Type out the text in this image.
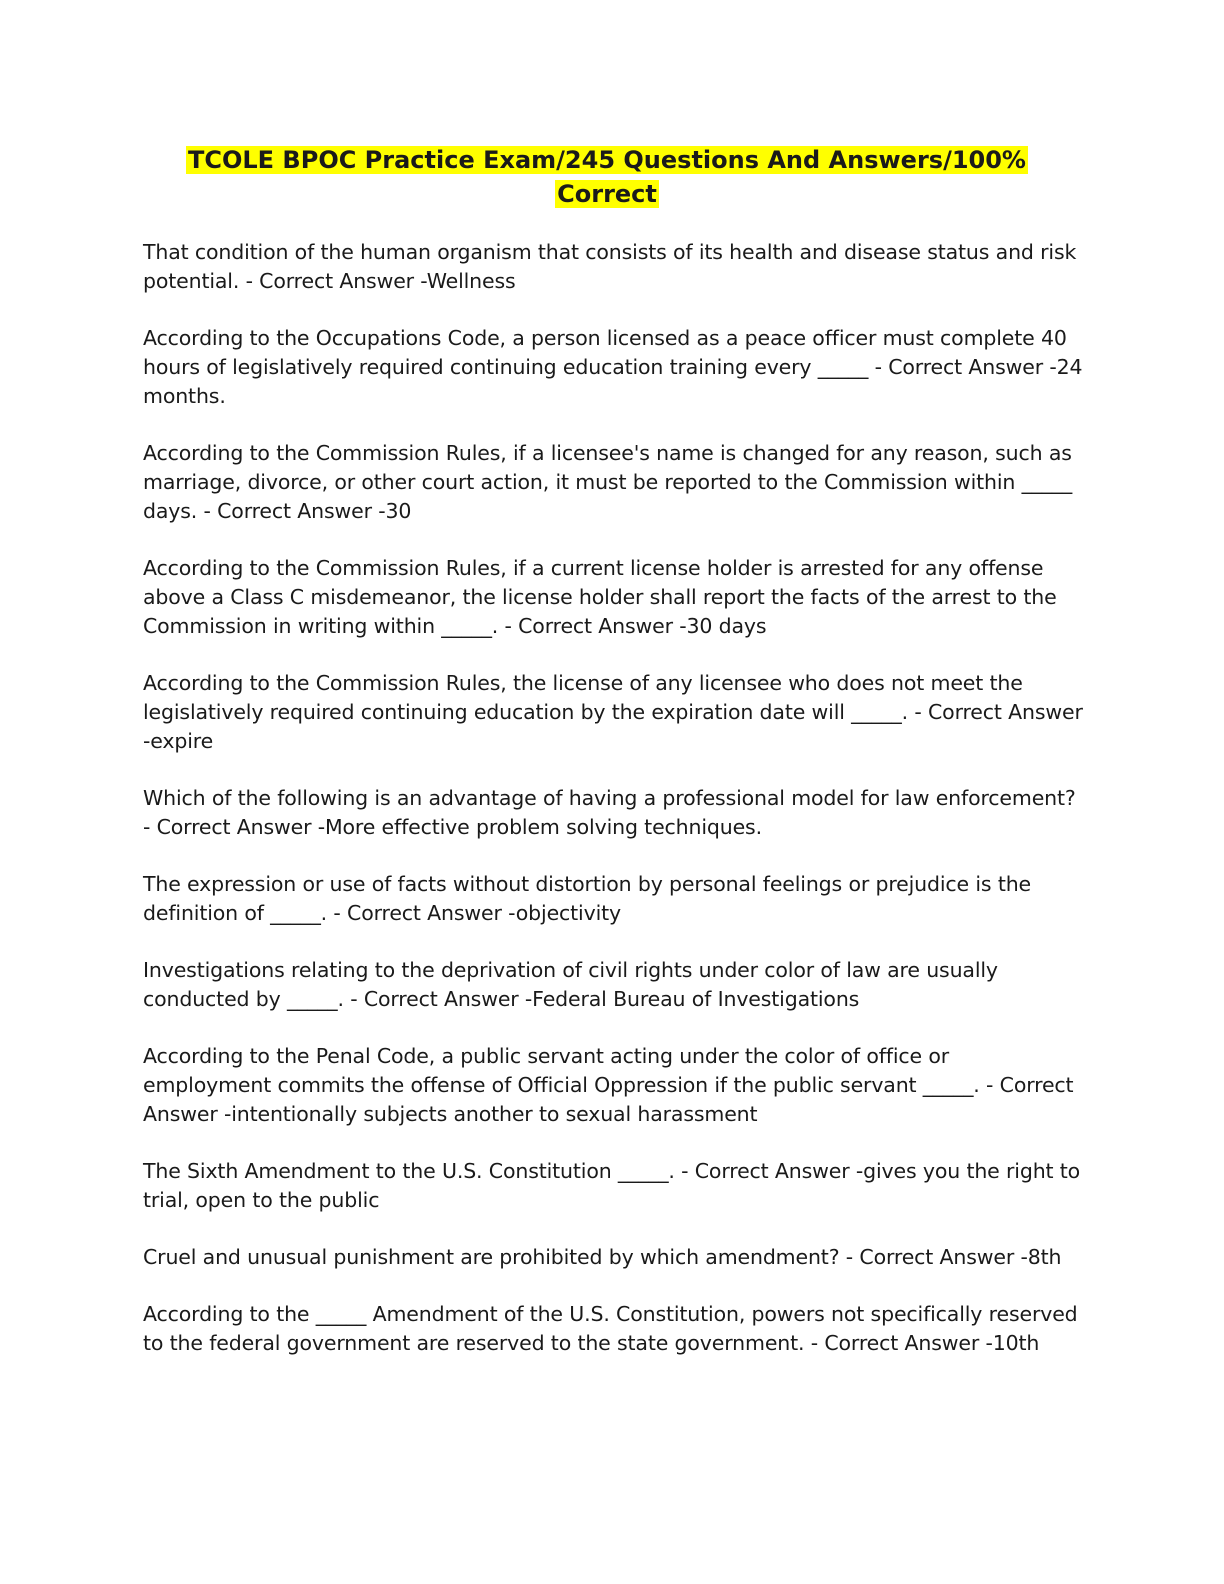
TCOLE BPOC Practice Exam/245 Questions And Answers/100%
Correct

That condition of the human organism that consists of its health and disease status and risk potential. - Correct Answer -Wellness

According to the Occupations Code, a person licensed as a peace officer must complete 40 hours of legislatively required continuing education training every _____ - Correct Answer -24 months.

According to the Commission Rules, if a licensee's name is changed for any reason, such as marriage, divorce, or other court action, it must be reported to the Commission within _____ days. - Correct Answer -30

According to the Commission Rules, if a current license holder is arrested for any offense above a Class C misdemeanor, the license holder shall report the facts of the arrest to the Commission in writing within _____. - Correct Answer -30 days

According to the Commission Rules, the license of any licensee who does not meet the legislatively required continuing education by the expiration date will _____. - Correct Answer -expire

Which of the following is an advantage of having a professional model for law enforcement? - Correct Answer -More effective problem solving techniques.

The expression or use of facts without distortion by personal feelings or prejudice is the definition of _____. - Correct Answer -objectivity

Investigations relating to the deprivation of civil rights under color of law are usually conducted by _____. - Correct Answer -Federal Bureau of Investigations

According to the Penal Code, a public servant acting under the color of office or employment commits the offense of Official Oppression if the public servant _____. - Correct Answer -intentionally subjects another to sexual harassment

The Sixth Amendment to the U.S. Constitution _____. - Correct Answer -gives you the right to trial, open to the public

Cruel and unusual punishment are prohibited by which amendment? - Correct Answer -8th

According to the _____ Amendment of the U.S. Constitution, powers not specifically reserved to the federal government are reserved to the state government. - Correct Answer -10th
